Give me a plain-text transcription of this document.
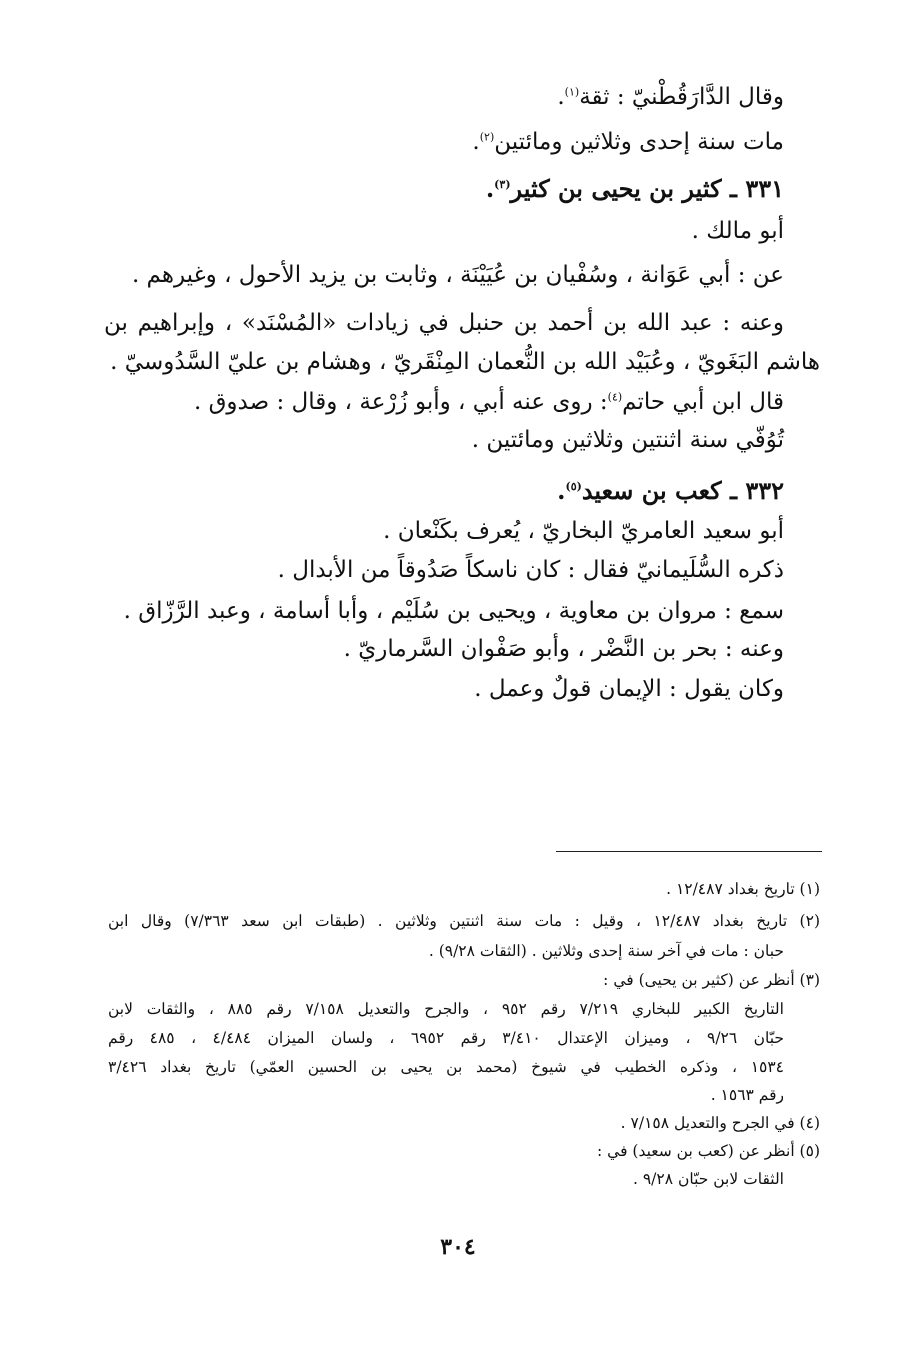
وقال الدَّارَقُطْنيّ : ثقة$^{(١)}$.
مات سنة إحدى وثلاثين ومائتين$^{(٢)}$.
٣٣١ ـ كثير بن يحيى بن كثير$^{(٣)}$.
أبو مالك .
عن : أبي عَوَانة ، وسُفْيان بن عُيَيْنَة ، وثابت بن يزيد الأحول ، وغيرهم .
وعنه : عبد الله بن أحمد بن حنبل في زيادات «المُسْنَد» ، وإبراهيم بن
هاشم البَغَويّ ، وعُبَيْد الله بن النُّعمان المِنْقَريّ ، وهشام بن عليّ السَّدُوسيّ .
قال ابن أبي حاتم$^{(٤)}$: روى عنه أبي ، وأبو زُرْعة ، وقال : صدوق .
تُوُفّي سنة اثنتين وثلاثين ومائتين .
٣٣٢ ـ كعب بن سعيد$^{(٥)}$.
أبو سعيد العامريّ البخاريّ ، يُعرف بكَنْعان .
ذكره السُّلَيمانيّ فقال : كان ناسكاً صَدُوقاً من الأبدال .
سمع : مروان بن معاوية ، ويحيى بن سُلَيْم ، وأبا أسامة ، وعبد الرَّزّاق .
وعنه : بحر بن النَّضْر ، وأبو صَفْوان السَّرماريّ .
وكان يقول : الإيمان قولٌ وعمل .
(١) تاريخ بغداد ١٢/٤٨٧ .
(٢) تاريخ بغداد ١٢/٤٨٧ ، وقيل : مات سنة اثنتين وثلاثين . (طبقات ابن سعد ٧/٣٦٣) وقال ابن
حبان : مات في آخر سنة إحدى وثلاثين . (الثقات ٩/٢٨) .
(٣) أنظر عن (كثير بن يحيى) في :
التاريخ الكبير للبخاري ٧/٢١٩ رقم ٩٥٢ ، والجرح والتعديل ٧/١٥٨ رقم ٨٨٥ ، والثقات لابن
حبّان ٩/٢٦ ، وميزان الإعتدال ٣/٤١٠ رقم ٦٩٥٢ ، ولسان الميزان ٤/٤٨٤ ، ٤٨٥ رقم
١٥٣٤ ، وذكره الخطيب في شيوخ (محمد بن يحيى بن الحسين العمّي) تاريخ بغداد ٣/٤٢٦
رقم ١٥٦٣ .
(٤) في الجرح والتعديل ٧/١٥٨ .
(٥) أنظر عن (كعب بن سعيد) في :
الثقات لابن حبّان ٩/٢٨ .
٣٠٤
